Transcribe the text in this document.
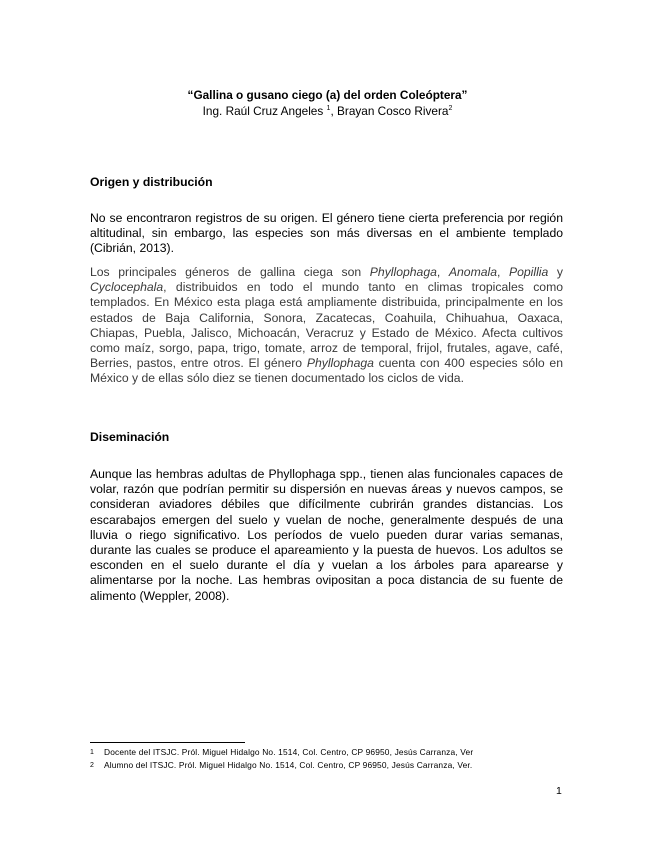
“Gallina o gusano ciego (a) del orden Coleóptera”
Ing. Raúl Cruz Angeles $^1$, Brayan Cosco Rivera$^2$
Origen y distribución
No se encontraron registros de su origen. El género tiene cierta preferencia por región altitudinal, sin embargo, las especies son más diversas en el ambiente templado (Cibrián, 2013).
Los principales géneros de gallina ciega son Phyllophaga, Anomala, Popillia y Cyclocephala, distribuidos en todo el mundo tanto en climas tropicales como templados. En México esta plaga está ampliamente distribuida, principalmente en los estados de Baja California, Sonora, Zacatecas, Coahuila, Chihuahua, Oaxaca, Chiapas, Puebla, Jalisco, Michoacán, Veracruz y Estado de México. Afecta cultivos como maíz, sorgo, papa, trigo, tomate, arroz de temporal, frijol, frutales, agave, café, Berries, pastos, entre otros. El género Phyllophaga cuenta con 400 especies sólo en México y de ellas sólo diez se tienen documentado los ciclos de vida.
Diseminación
Aunque las hembras adultas de Phyllophaga spp., tienen alas funcionales capaces de volar, razón que podrían permitir su dispersión en nuevas áreas y nuevos campos, se consideran aviadores débiles que difícilmente cubrirán grandes distancias. Los escarabajos emergen del suelo y vuelan de noche, generalmente después de una lluvia o riego significativo. Los períodos de vuelo pueden durar varias semanas, durante las cuales se produce el apareamiento y la puesta de huevos. Los adultos se esconden en el suelo durante el día y vuelan a los árboles para aparearse y alimentarse por la noche. Las hembras ovipositan a poca distancia de su fuente de alimento (Weppler, 2008).
1 Docente del ITSJC. Pról. Miguel Hidalgo No. 1514, Col. Centro, CP 96950, Jesús Carranza, Ver
2 Alumno del ITSJC. Pról. Miguel Hidalgo No. 1514, Col. Centro, CP 96950, Jesús Carranza, Ver.
1
